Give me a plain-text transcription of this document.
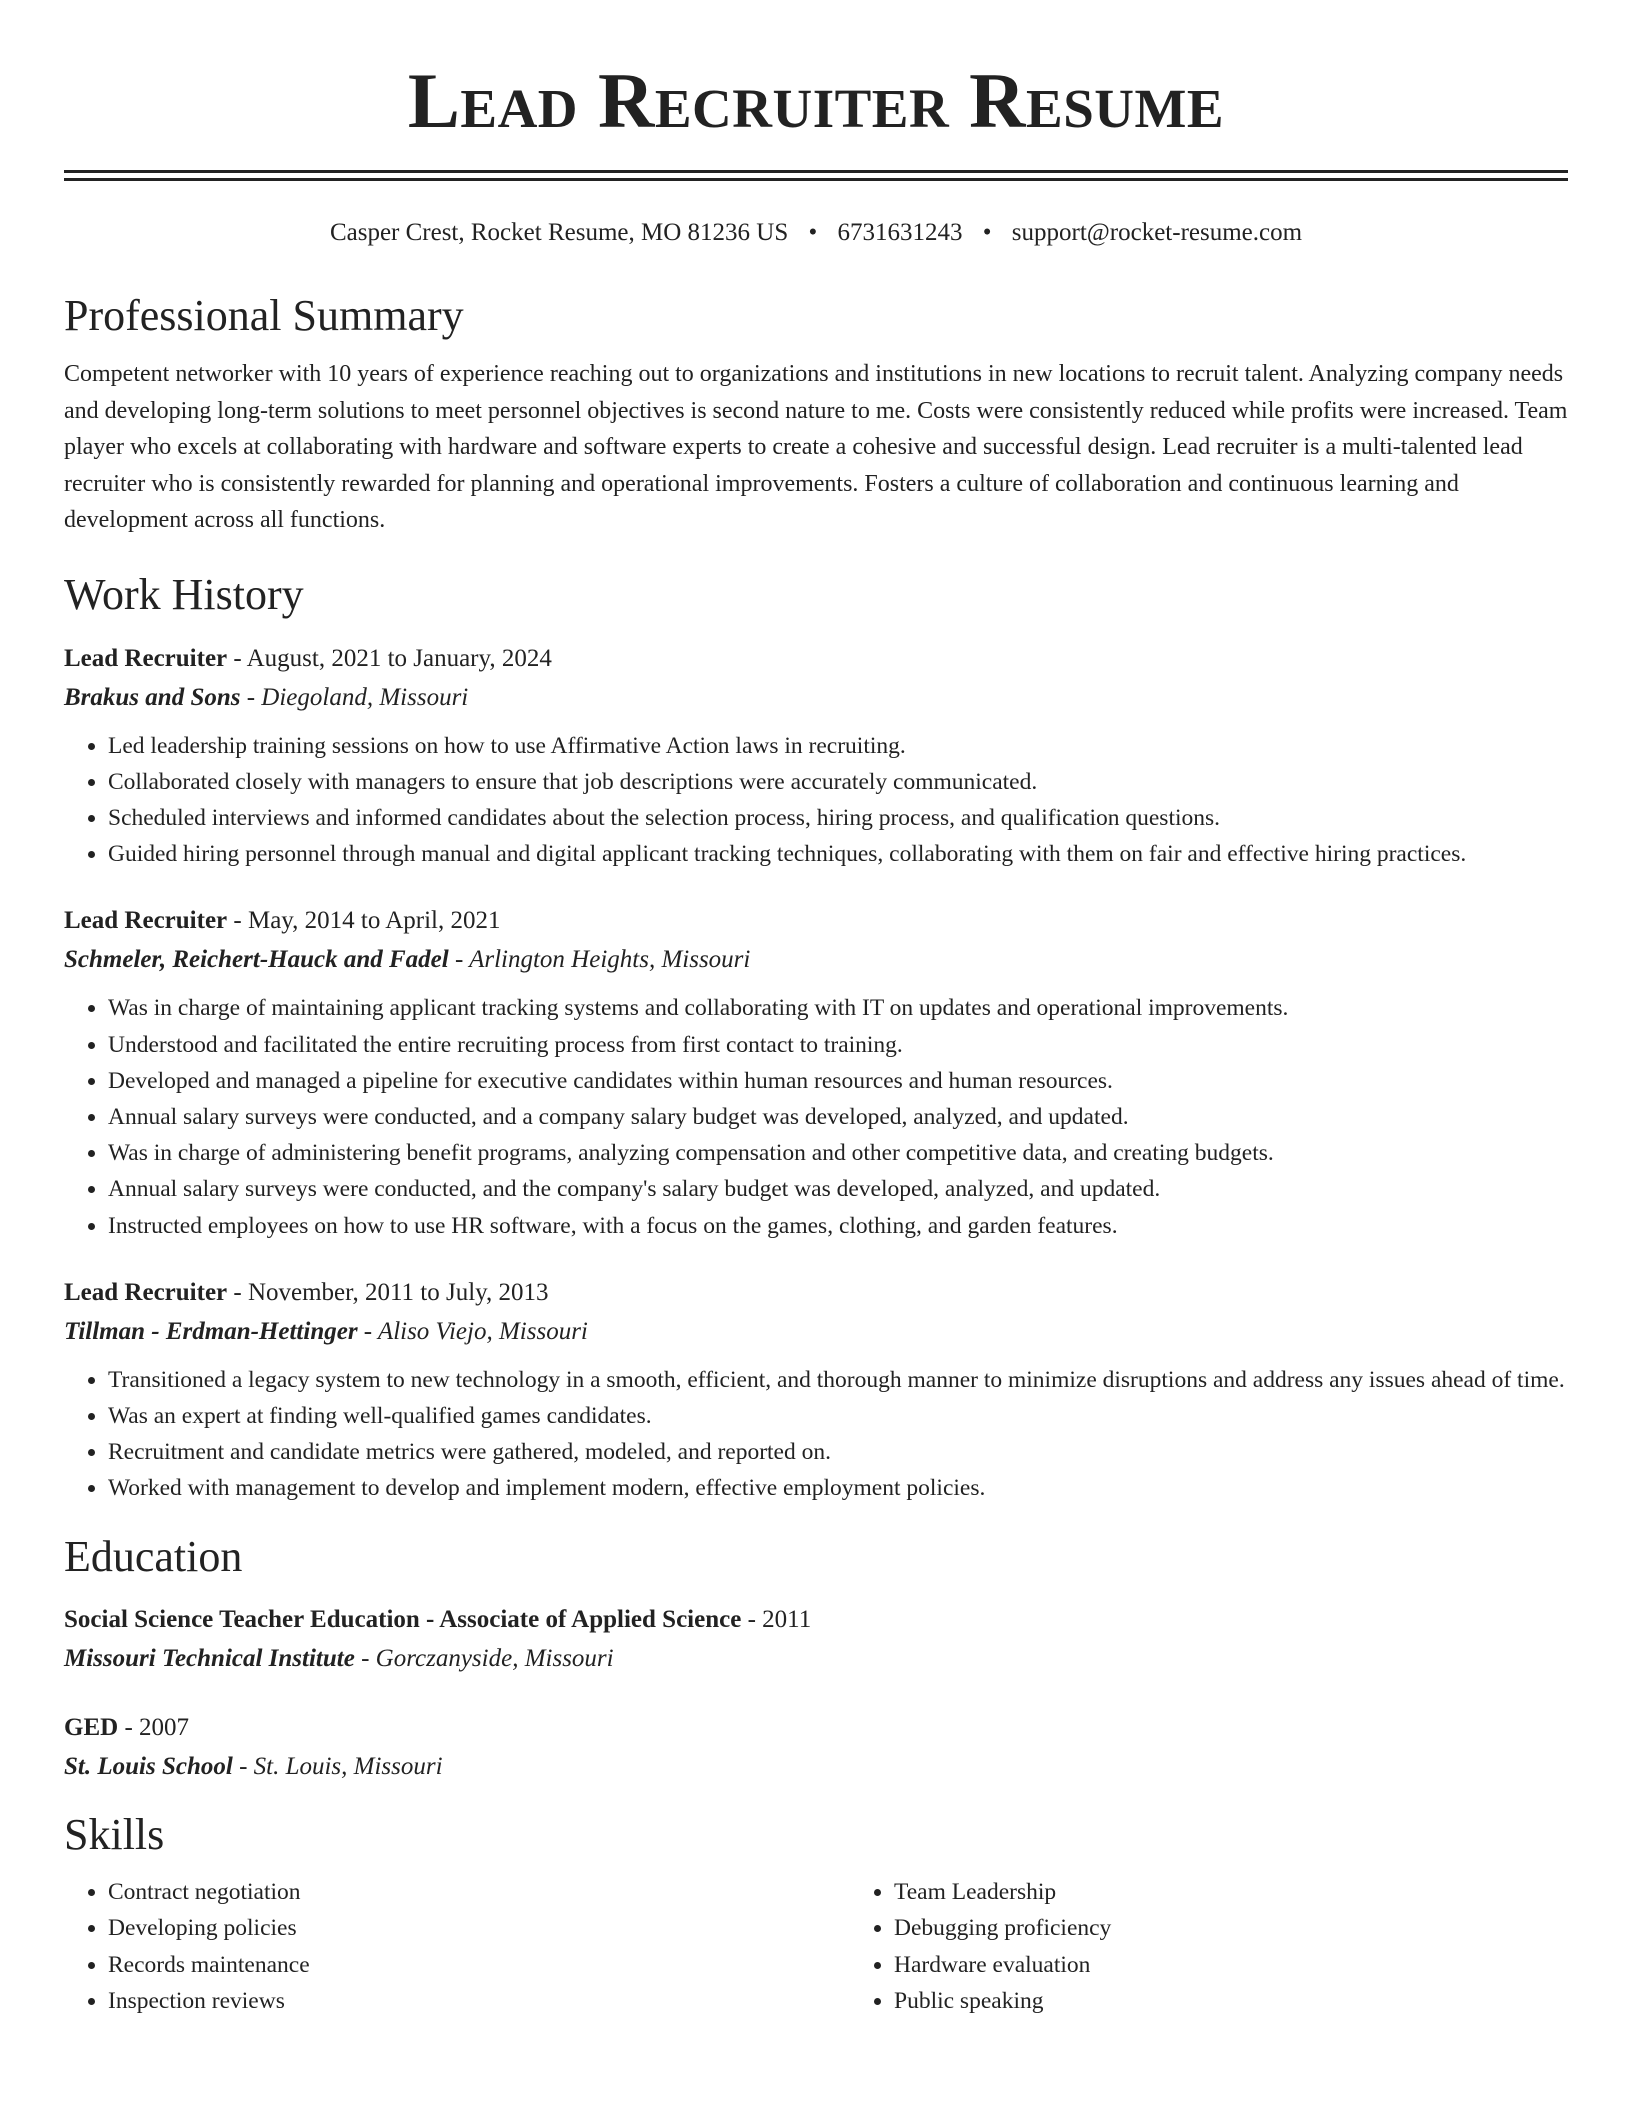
Lead Recruiter Resume
Casper Crest, Rocket Resume, MO 81236 US • 6731631243 • support@rocket-resume.com
Professional Summary

Competent networker with 10 years of experience reaching out to organizations and institutions in new locations to recruit talent. Analyzing company needs and developing long-term solutions to meet personnel objectives is second nature to me. Costs were consistently reduced while profits were increased. Team player who excels at collaborating with hardware and software experts to create a cohesive and successful design. Lead recruiter is a multi-talented lead recruiter who is consistently rewarded for planning and operational improvements. Fosters a culture of collaboration and continuous learning and development across all functions.

Work History
Lead Recruiter - August, 2021 to January, 2024
Brakus and Sons - Diegoland, Missouri
• Led leadership training sessions on how to use Affirmative Action laws in recruiting.
• Collaborated closely with managers to ensure that job descriptions were accurately communicated.
• Scheduled interviews and informed candidates about the selection process, hiring process, and qualification questions.
• Guided hiring personnel through manual and digital applicant tracking techniques, collaborating with them on fair and effective hiring practices.
Lead Recruiter - May, 2014 to April, 2021
Schmeler, Reichert-Hauck and Fadel - Arlington Heights, Missouri
• Was in charge of maintaining applicant tracking systems and collaborating with IT on updates and operational improvements.
• Understood and facilitated the entire recruiting process from first contact to training.
• Developed and managed a pipeline for executive candidates within human resources and human resources.
• Annual salary surveys were conducted, and a company salary budget was developed, analyzed, and updated.
• Was in charge of administering benefit programs, analyzing compensation and other competitive data, and creating budgets.
• Annual salary surveys were conducted, and the company's salary budget was developed, analyzed, and updated.
• Instructed employees on how to use HR software, with a focus on the games, clothing, and garden features.
Lead Recruiter - November, 2011 to July, 2013
Tillman - Erdman-Hettinger - Aliso Viejo, Missouri
• Transitioned a legacy system to new technology in a smooth, efficient, and thorough manner to minimize disruptions and address any issues ahead of time.
• Was an expert at finding well-qualified games candidates.
• Recruitment and candidate metrics were gathered, modeled, and reported on.
• Worked with management to develop and implement modern, effective employment policies.
Education
Social Science Teacher Education - Associate of Applied Science - 2011
Missouri Technical Institute - Gorczanyside, Missouri
GED - 2007
St. Louis School - St. Louis, Missouri
Skills
• Contract negotiation
• Developing policies
• Records maintenance
• Inspection reviews
• Team Leadership
• Debugging proficiency
• Hardware evaluation
• Public speaking
